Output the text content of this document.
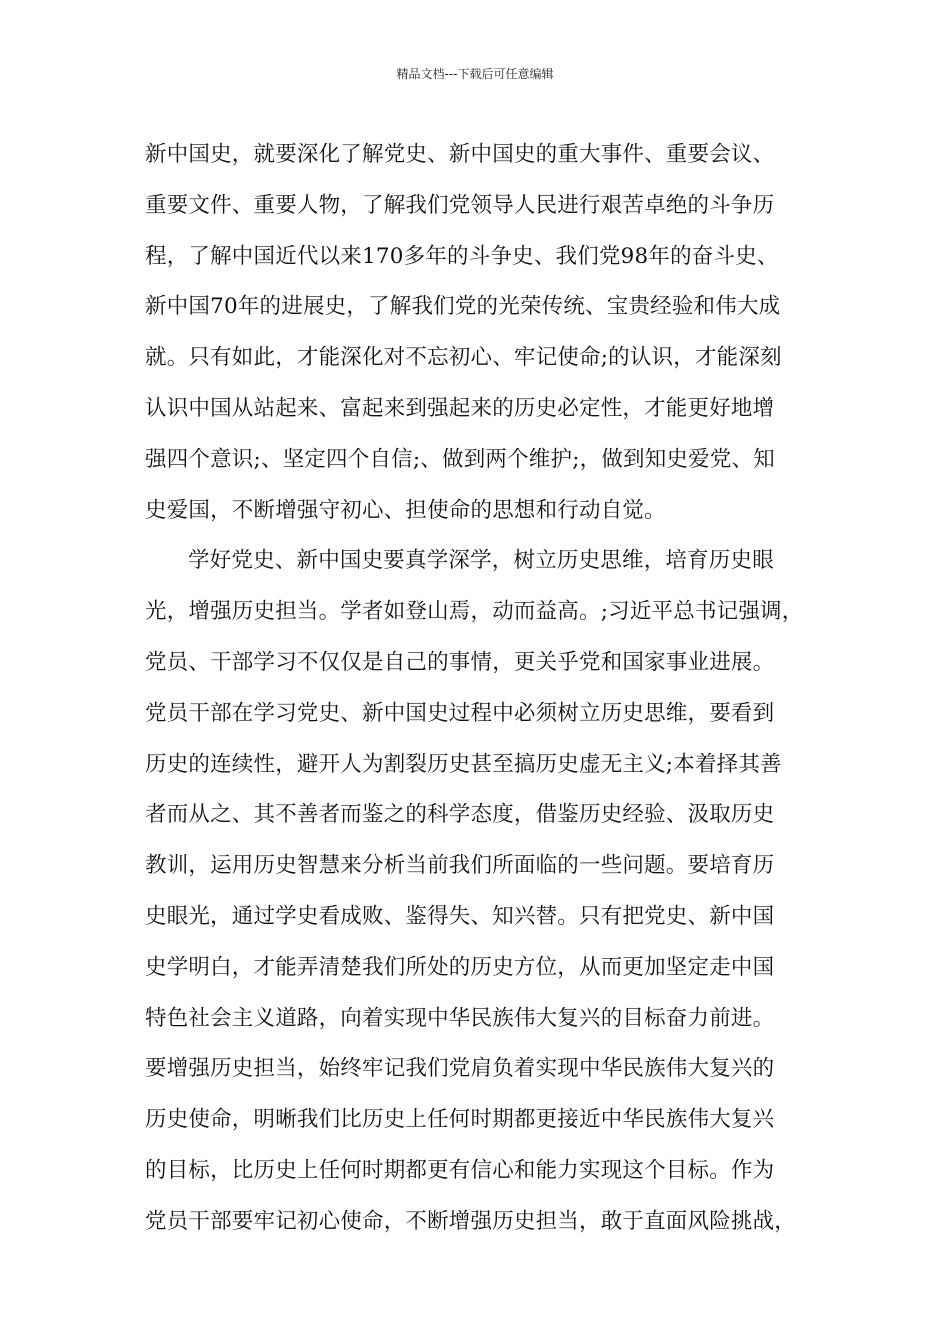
精品文档---下载后可任意编辑
新中国史，就要深化了解党史、新中国史的重大事件、重要会议、
重要文件、重要人物，了解我们党领导人民进行艰苦卓绝的斗争历
程，了解中国近代以来170多年的斗争史、我们党98年的奋斗史、
新中国70年的进展史，了解我们党的光荣传统、宝贵经验和伟大成
就。只有如此，才能深化对不忘初心、牢记使命;的认识，才能深刻
认识中国从站起来、富起来到强起来的历史必定性，才能更好地增
强四个意识;、坚定四个自信;、做到两个维护;，做到知史爱党、知
史爱国，不断增强守初心、担使命的思想和行动自觉。
学好党史、新中国史要真学深学，树立历史思维，培育历史眼
光，增强历史担当。学者如登山焉，动而益高。;习近平总书记强调，
党员、干部学习不仅仅是自己的事情，更关乎党和国家事业进展。
党员干部在学习党史、新中国史过程中必须树立历史思维，要看到
历史的连续性，避开人为割裂历史甚至搞历史虚无主义;本着择其善
者而从之、其不善者而鉴之的科学态度，借鉴历史经验、汲取历史
教训，运用历史智慧来分析当前我们所面临的一些问题。要培育历
史眼光，通过学史看成败、鉴得失、知兴替。只有把党史、新中国
史学明白，才能弄清楚我们所处的历史方位，从而更加坚定走中国
特色社会主义道路，向着实现中华民族伟大复兴的目标奋力前进。
要增强历史担当，始终牢记我们党肩负着实现中华民族伟大复兴的
历史使命，明晰我们比历史上任何时期都更接近中华民族伟大复兴
的目标，比历史上任何时期都更有信心和能力实现这个目标。作为
党员干部要牢记初心使命，不断增强历史担当，敢于直面风险挑战，
